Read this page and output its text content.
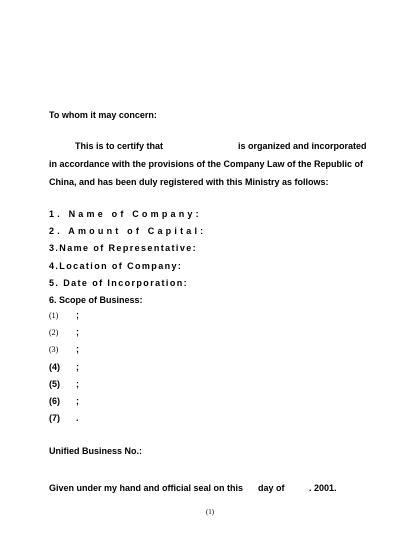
To whom it may concern:
This is to certify that	is organized and incorporated
in accordance with the provisions of the Company Law of the Republic of
China, and has been duly registered with this Ministry as follows:
1. Name of Company:
2. Amount of Capital:
3.Name of Representative:
4.Location of Company:
5. Date of Incorporation:
6. Scope of Business:
(1) ;
(2) ;
(3) ;
(4) ;
(5) ;
(6) ;
(7) .
Unified Business No.:
Given under my hand and official seal on this day of	. 2001.
(1)
